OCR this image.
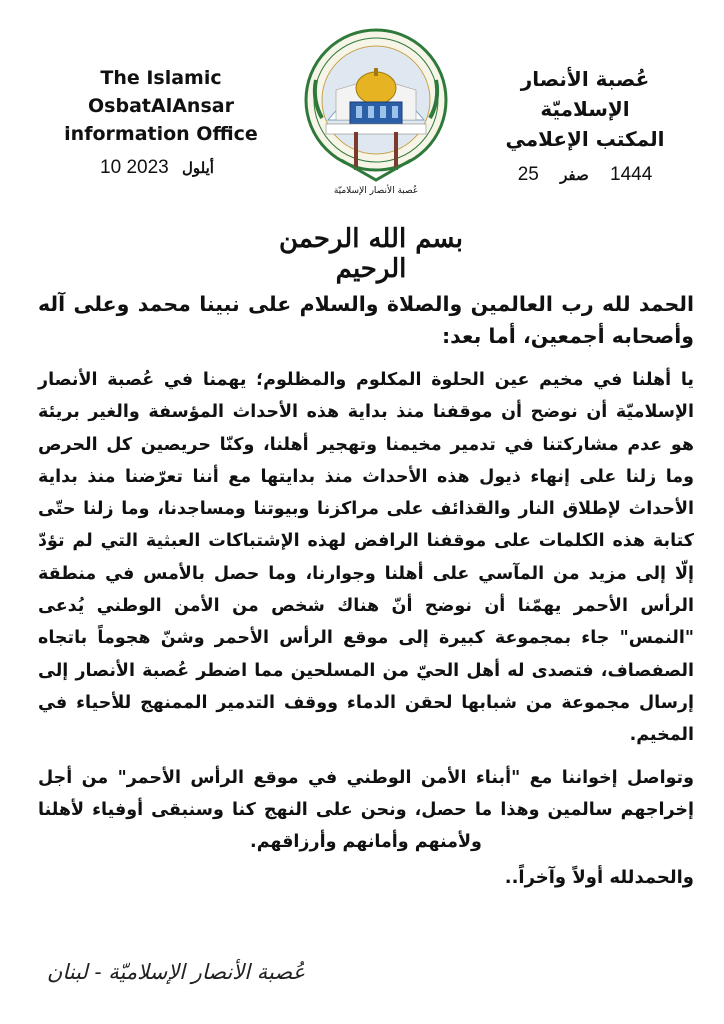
The Islamic OsbatAlAnsar
information Office
10	أيلول 2023
عُصبة الأنصار الإسلاميّة
بسم الله الرحمن الرحيم
عُصبة الأنصار الإسلاميّة
المكتب الإعلامي
1444 صفر 25

الحمد لله رب العالمين والصلاة والسلام على نبينا محمد وعلى آله وأصحابه أجمعين، أما بعد:

يا أهلنا في مخيم عين الحلوة المكلوم والمظلوم؛ يهمنا في عُصبة الأنصار الإسلاميّة أن نوضح أن موقفنا منذ بداية هذه الأحداث المؤسفة والغير بريئة هو عدم مشاركتنا في تدمير مخيمنا وتهجير أهلنا، وكنّا حريصين كل الحرص وما زلنا على إنهاء ذيول هذه الأحداث منذ بدايتها مع أننا تعرّضنا منذ بداية الأحداث لإطلاق النار والقذائف على مراكزنا وبيوتنا ومساجدنا، وما زلنا حتّى كتابة هذه الكلمات على موقفنا الرافض لهذه الإشتباكات العبثية التي لم تؤدّ إلّا إلى مزيد من المآسي على أهلنا وجوارنا، وما حصل بالأمس في منطقة الرأس الأحمر يهمّنا أن نوضح أنّ هناك شخص من الأمن الوطني يُدعى "النمس" جاء بمجموعة كبيرة إلى موقع الرأس الأحمر وشنّ هجوماً باتجاه الصفصاف، فتصدى له أهل الحيّ من المسلحين مما اضطر عُصبة الأنصار إلى إرسال مجموعة من شبابها لحقن الدماء ووقف التدمير الممنهج للأحياء في المخيم.

وتواصل إخواننا مع "أبناء الأمن الوطني في موقع الرأس الأحمر" من أجل إخراجهم سالمين وهذا ما حصل، ونحن على النهج كنا وسنبقى أوفياء لأهلنا ولأمنهم وأمانهم وأرزاقهم.

والحمدلله أولاً وآخراً..

عُصبة الأنصار الإسلاميّة - لبنان
